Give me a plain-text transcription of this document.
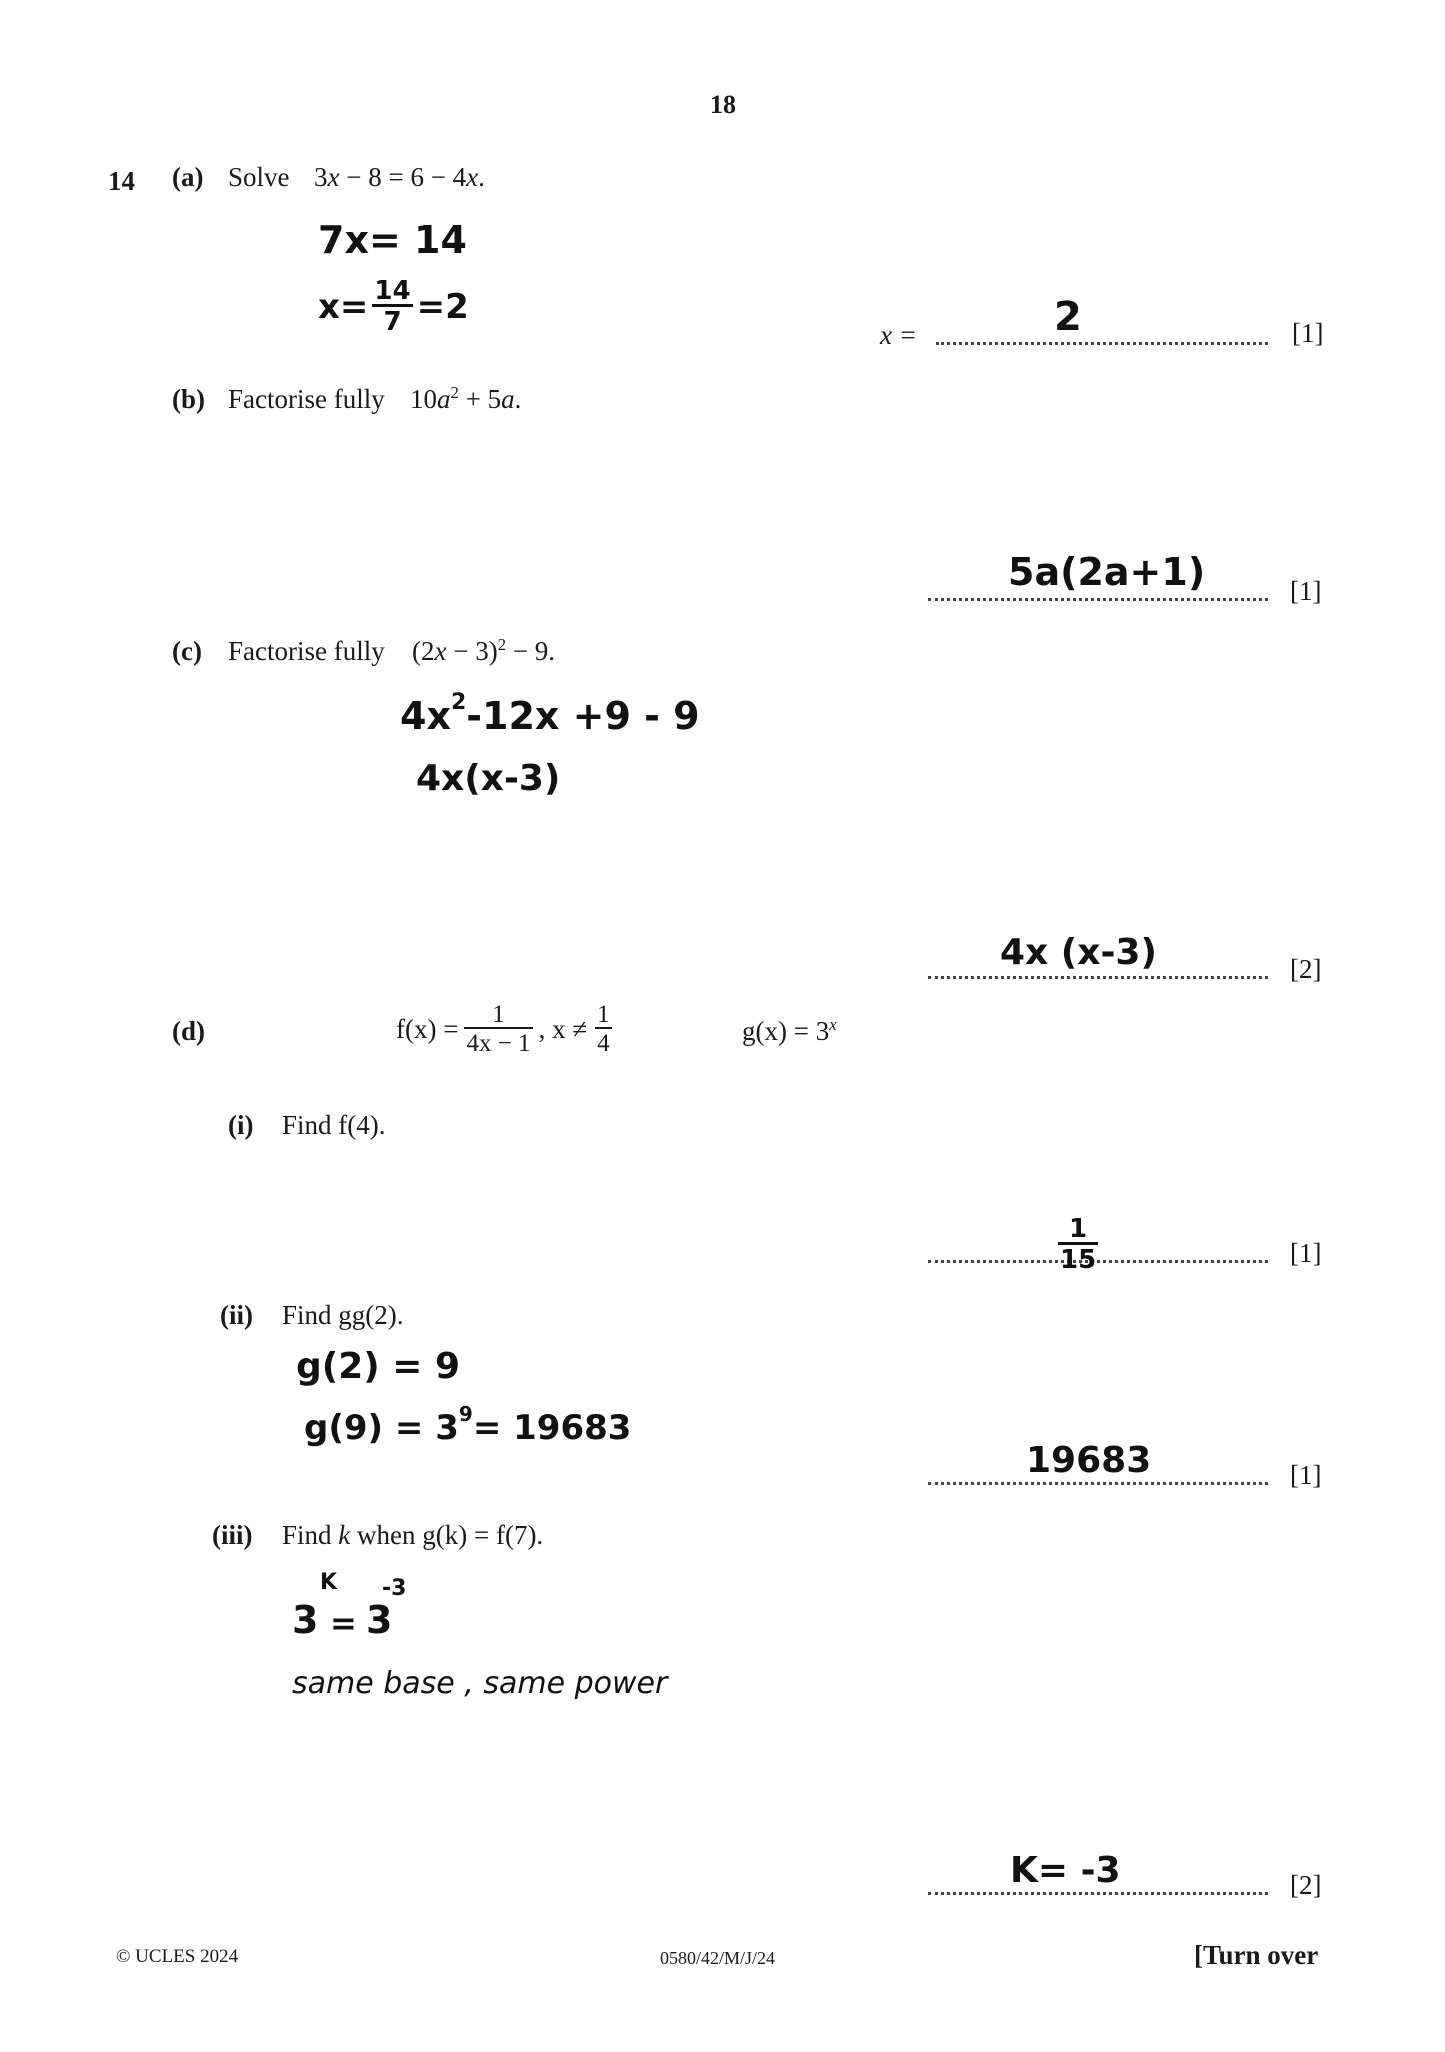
18
14 (a) Solve 3x − 8 = 6 − 4x.
7x= 14
$x= \frac{14}{7} =2$
x =	2	[1]
(b) Factorise fully $10a^2 + 5a$.
5a(2a+1)	[1]
(c) Factorise fully $(2x - 3)^2 - 9$.
$4x^2-12x +9 - 9$
4x(x-3)
4x (x-3)	[2]
(d)	$f(x) = \frac{1}{4x - 1}$ , $x \ne \frac{1}{4}$	$g(x) = 3^x$
(i) Find f(4).
$\frac{1}{15}$	[1]
(ii) Find gg(2).
g(2) = 9
$g(9) = 3^9= 19683$
19683	[1]
(iii) Find k when g(k) = f(7).
K
3 = 3
-3
same base , same power
K= -3	[2]
© UCLES 2024	0580/42/M/J/24	[Turn over
